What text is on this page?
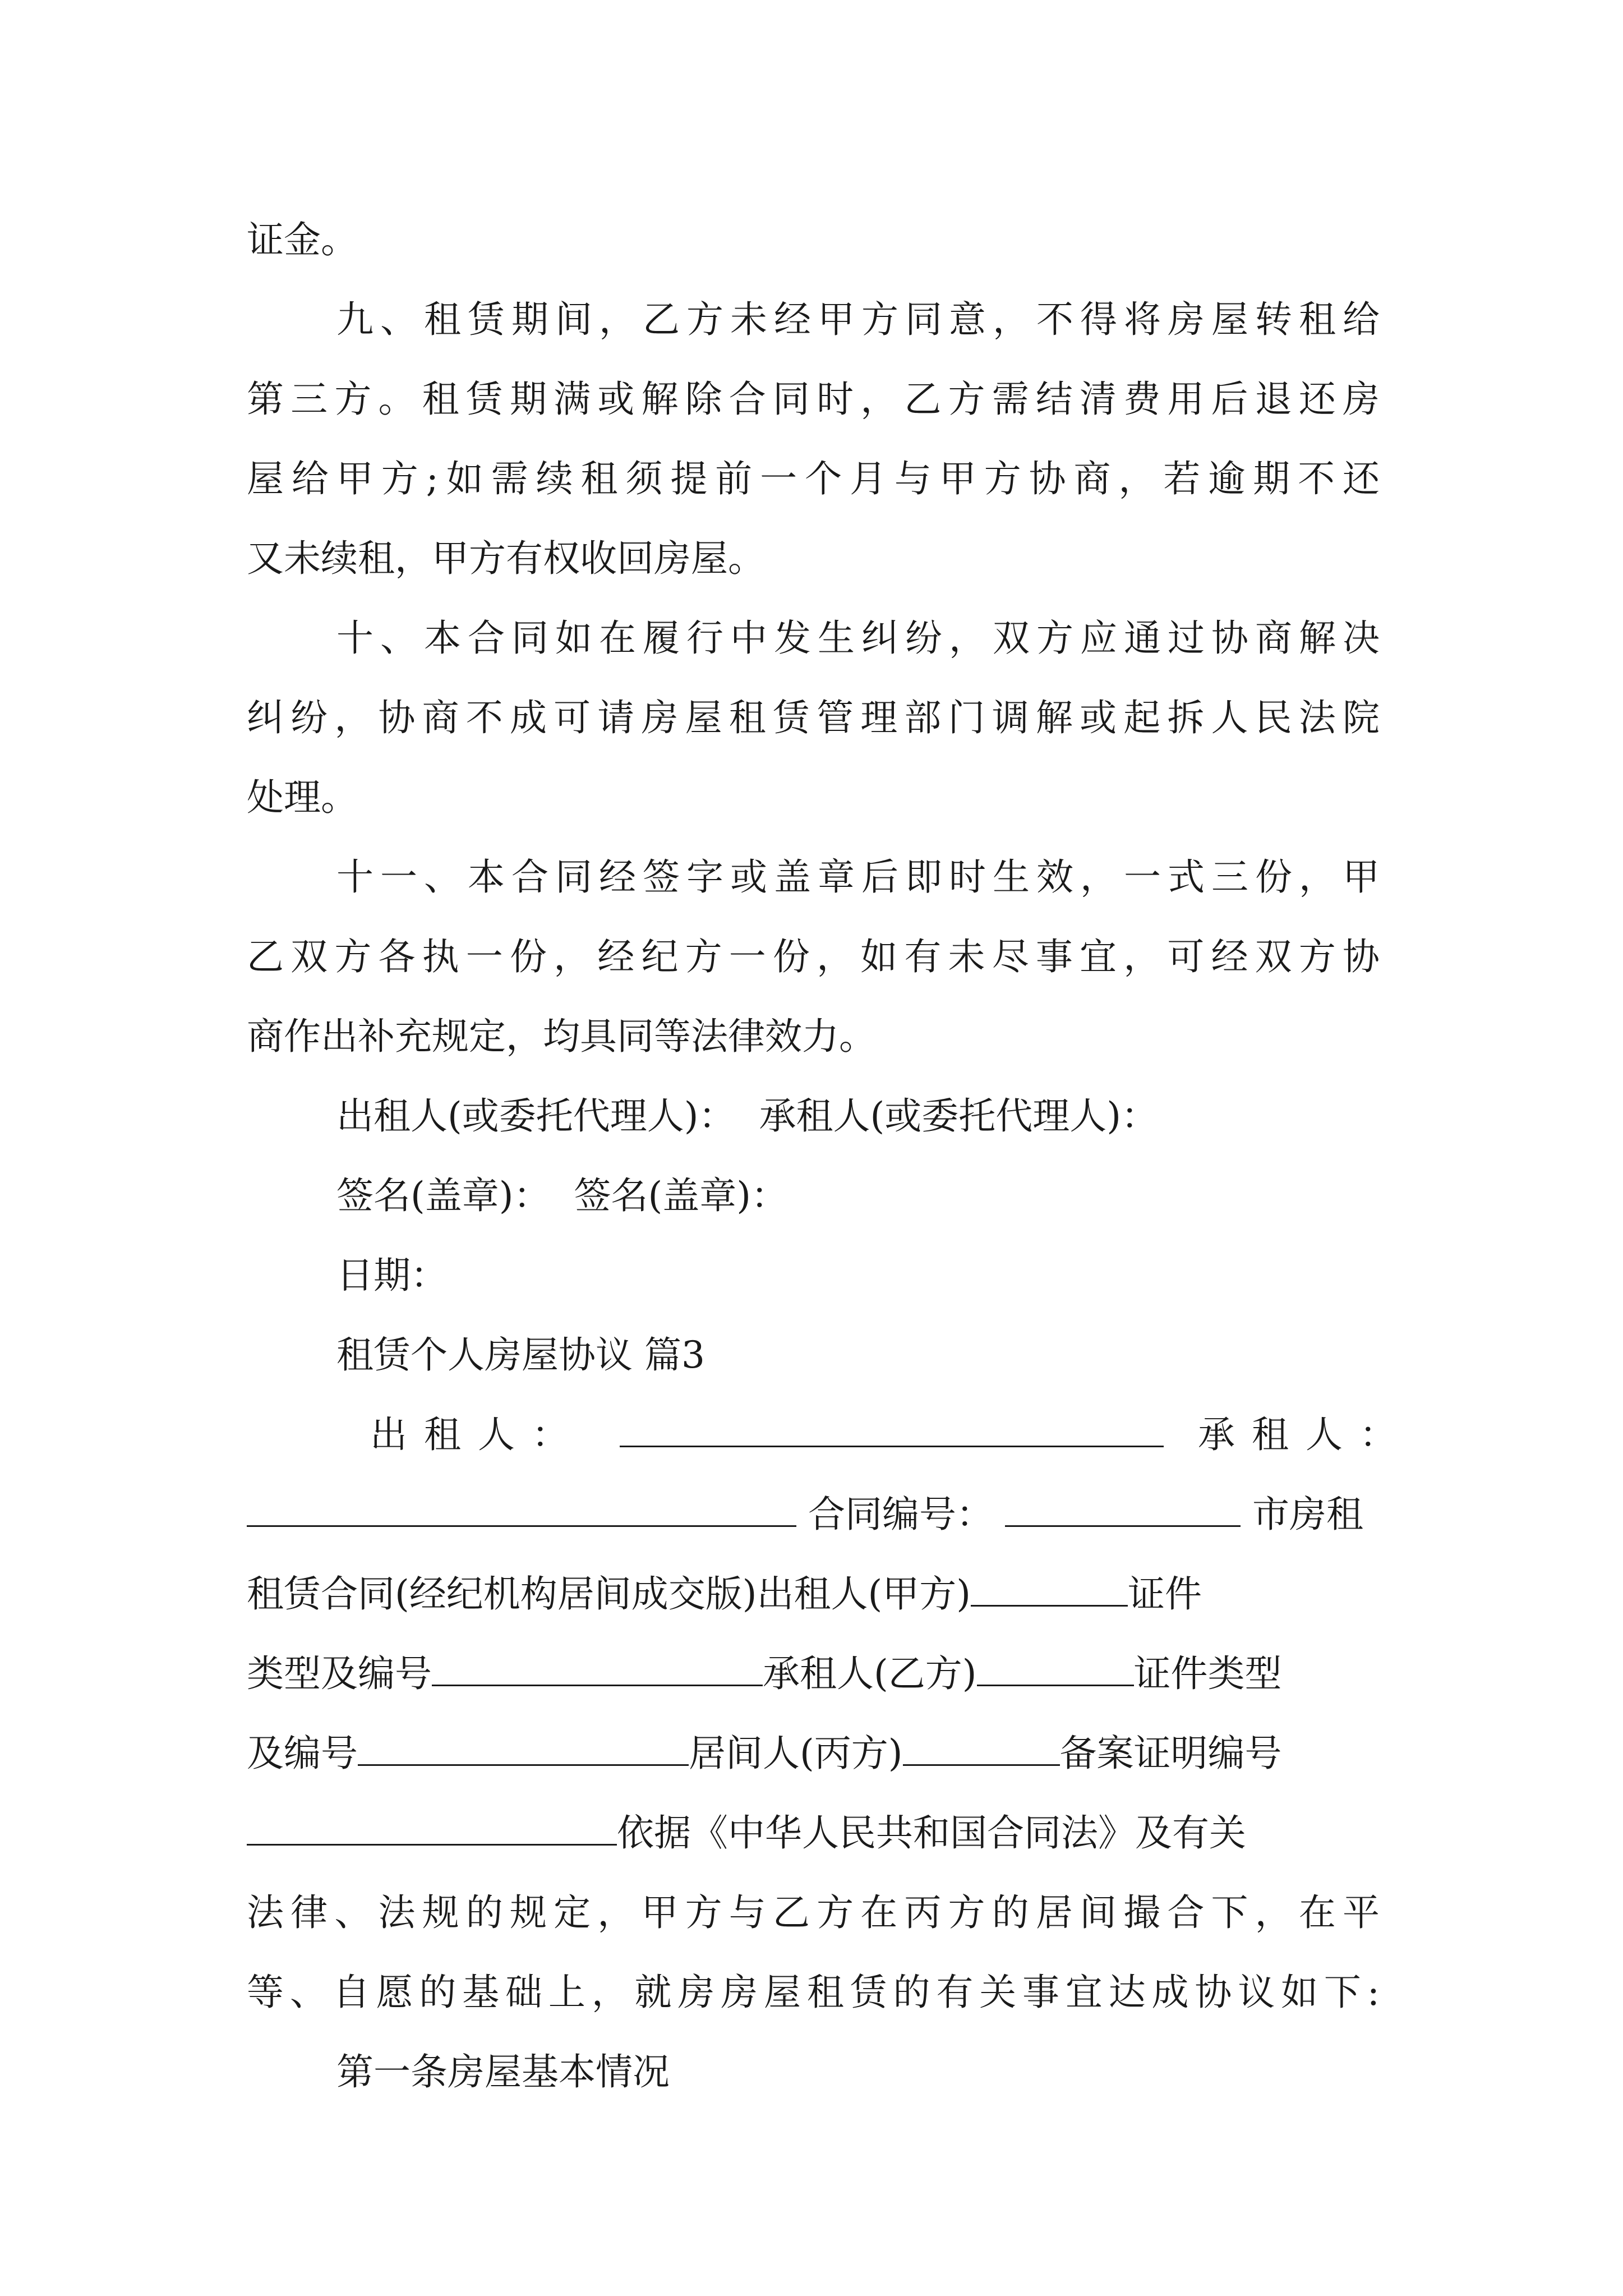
证金。
九、租赁期间，乙方未经甲方同意，不得将房屋转租给
第三方。租赁期满或解除合同时，乙方需结清费用后退还房
屋给甲方;如需续租须提前一个月与甲方协商，若逾期不还
又未续租，甲方有权收回房屋。
十、本合同如在履行中发生纠纷，双方应通过协商解决
纠纷，协商不成可请房屋租赁管理部门调解或起拆人民法院
处理。
十一、本合同经签字或盖章后即时生效，一式三份，甲
乙双方各执一份，经纪方一份，如有未尽事宜，可经双方协
商作出补充规定，均具同等法律效力。
出租人(或委托代理人)：  承租人(或委托代理人)：
签名(盖章)：  签名(盖章)：
日期：
租赁个人房屋协议 篇3
出租人：	承租人：
合同编号：	市房租
租赁合同(经纪机构居间成交版)出租人(甲方)	证件
类型及编号	承租人(乙方)	证件类型
及编号	居间人(丙方)	备案证明编号
依据《中华人民共和国合同法》及有关
法律、法规的规定，甲方与乙方在丙方的居间撮合下，在平
等、自愿的基础上，就房房屋租赁的有关事宜达成协议如下:
第一条房屋基本情况
